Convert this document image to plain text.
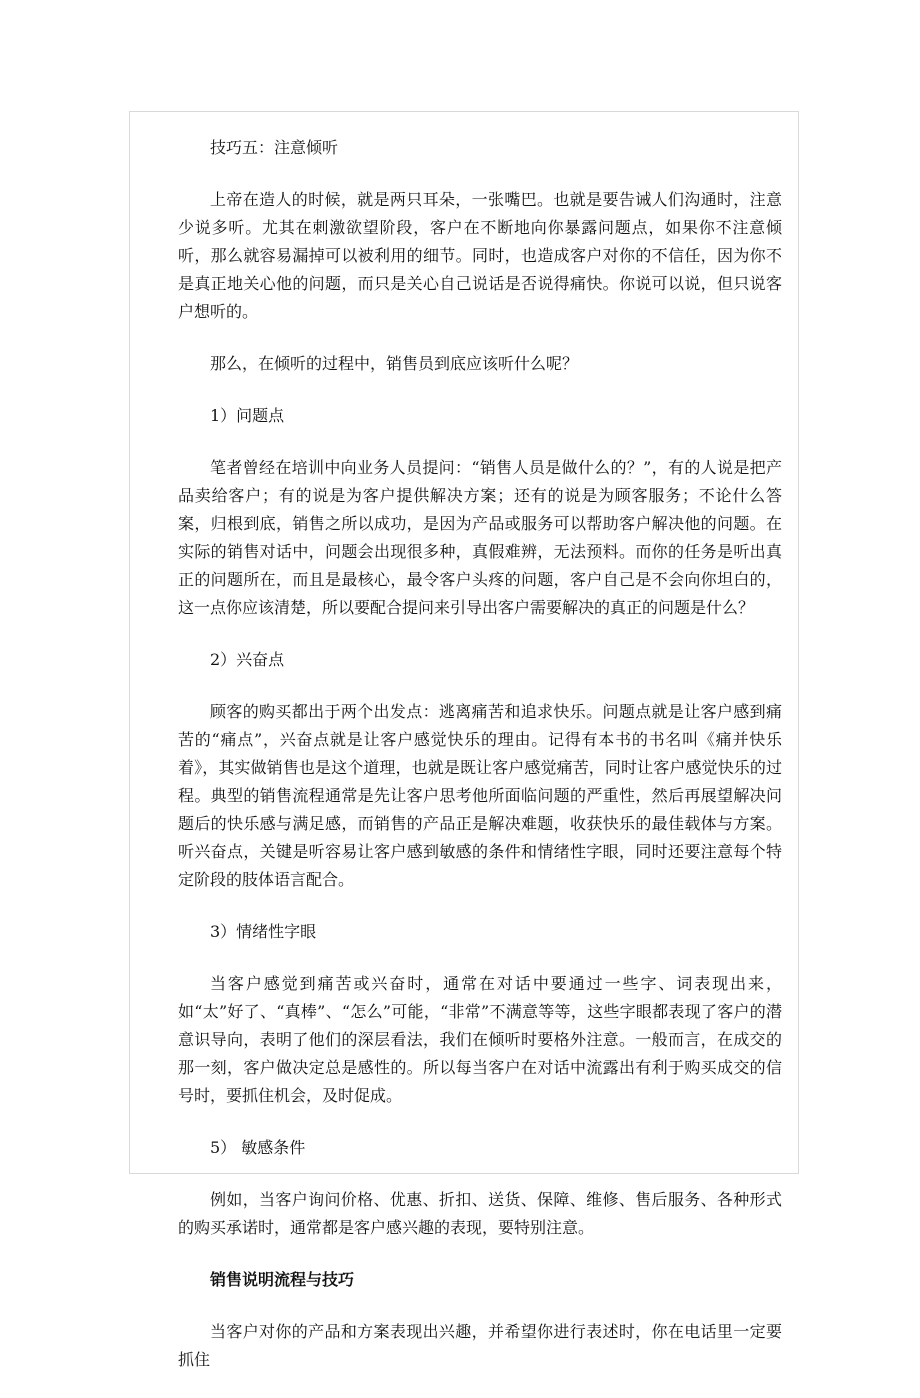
技巧五：注意倾听

上帝在造人的时候，就是两只耳朵，一张嘴巴。也就是要告诫人们沟通时，注意少说多听。尤其在刺激欲望阶段，客户在不断地向你暴露问题点，如果你不注意倾听，那么就容易漏掉可以被利用的细节。同时，也造成客户对你的不信任，因为你不是真正地关心他的问题，而只是关心自己说话是否说得痛快。你说可以说，但只说客户想听的。

那么，在倾听的过程中，销售员到底应该听什么呢？

1）问题点

笔者曾经在培训中向业务人员提问：“销售人员是做什么的？”，有的人说是把产品卖给客户；有的说是为客户提供解决方案；还有的说是为顾客服务；不论什么答案，归根到底，销售之所以成功，是因为产品或服务可以帮助客户解决他的问题。在实际的销售对话中，问题会出现很多种，真假难辨，无法预料。而你的任务是听出真正的问题所在，而且是最核心，最令客户头疼的问题，客户自己是不会向你坦白的，这一点你应该清楚，所以要配合提问来引导出客户需要解决的真正的问题是什么？

2）兴奋点

顾客的购买都出于两个出发点：逃离痛苦和追求快乐。问题点就是让客户感到痛苦的“痛点”，兴奋点就是让客户感觉快乐的理由。记得有本书的书名叫《痛并快乐着》，其实做销售也是这个道理，也就是既让客户感觉痛苦，同时让客户感觉快乐的过程。典型的销售流程通常是先让客户思考他所面临问题的严重性，然后再展望解决问题后的快乐感与满足感，而销售的产品正是解决难题，收获快乐的最佳载体与方案。听兴奋点，关键是听容易让客户感到敏感的条件和情绪性字眼，同时还要注意每个特定阶段的肢体语言配合。

3）情绪性字眼

当客户感觉到痛苦或兴奋时，通常在对话中要通过一些字、词表现出来，如“太”好了、“真棒”、“怎么”可能，“非常”不满意等等，这些字眼都表现了客户的潜意识导向，表明了他们的深层看法，我们在倾听时要格外注意。一般而言，在成交的那一刻，客户做决定总是感性的。所以每当客户在对话中流露出有利于购买成交的信号时，要抓住机会，及时促成。

5） 敏感条件

例如，当客户询问价格、优惠、折扣、送货、保障、维修、售后服务、各种形式的购买承诺时，通常都是客户感兴趣的表现，要特别注意。

销售说明流程与技巧

当客户对你的产品和方案表现出兴趣，并希望你进行表述时，你在电话里一定要抓住
